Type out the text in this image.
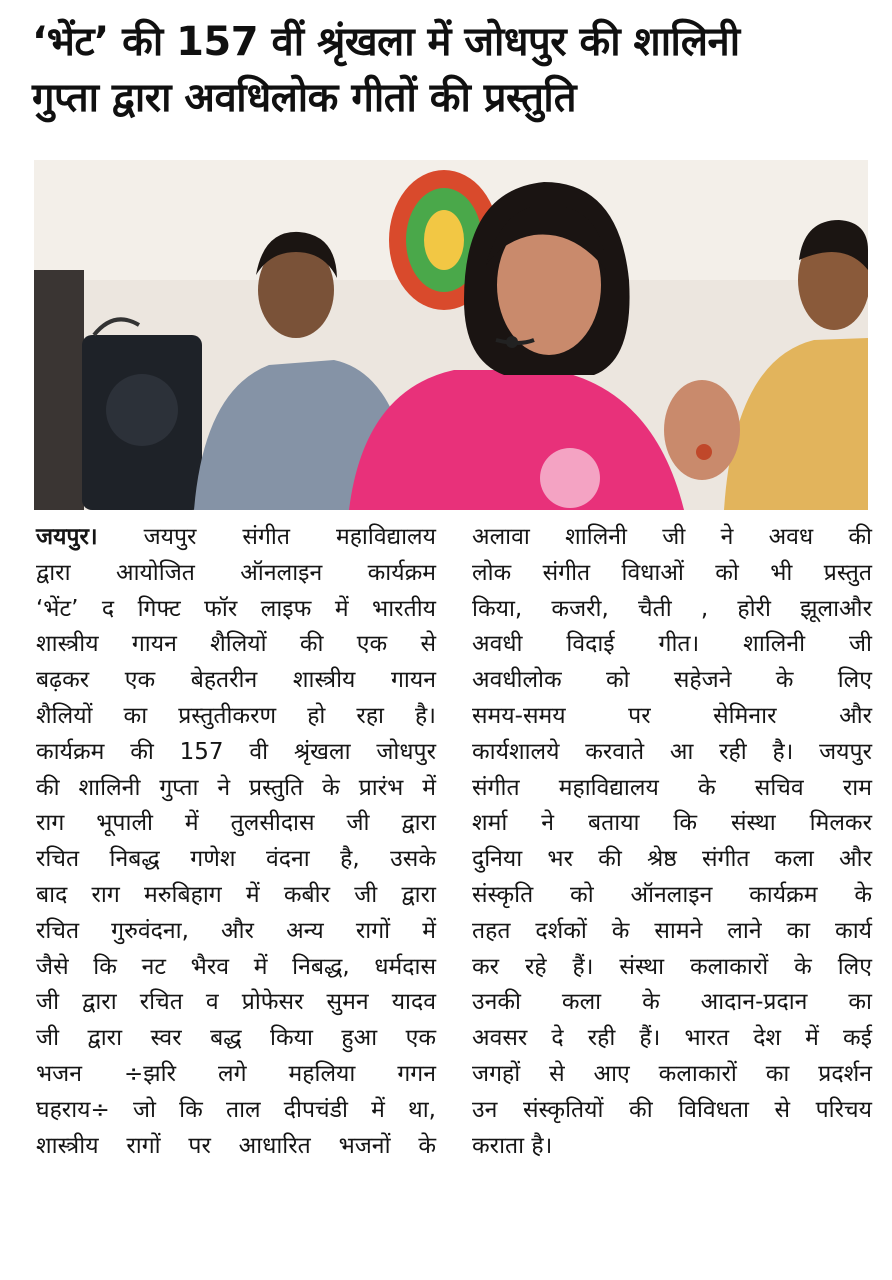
‘भेंट’ की 157 वीं श्रृंखला में जोधपुर की शालिनी
गुप्ता द्वारा अवधिलोक गीतों की प्रस्तुति
जयपुर। जयपुर संगीत महाविद्यालय
द्वारा आयोजित ऑनलाइन कार्यक्रम
‘भेंट’ द गिफ्ट फॉर लाइफ में भारतीय
शास्त्रीय गायन शैलियों की एक से
बढ़कर एक बेहतरीन शास्त्रीय गायन
शैलियों का प्रस्तुतीकरण हो रहा है।
कार्यक्रम की 157 वी श्रृंखला जोधपुर
की शालिनी गुप्ता ने प्रस्तुति के प्रारंभ में
राग भूपाली में तुलसीदास जी द्वारा
रचित निबद्ध गणेश वंदना है, उसके
बाद राग मरुबिहाग में कबीर जी द्वारा
रचित गुरुवंदना, और अन्य रागों में
जैसे कि नट भैरव में निबद्ध, धर्मदास
जी द्वारा रचित व प्रोफेसर सुमन यादव
जी द्वारा स्वर बद्ध किया हुआ एक
भजन ÷झरि लगे महलिया गगन
घहराय÷ जो कि ताल दीपचंडी में था,
शास्त्रीय रागों पर आधारित भजनों के
अलावा शालिनी जी ने अवध की
लोक संगीत विधाओं को भी प्रस्तुत
किया, कजरी, चैती , होरी झूलाऔर
अवधी विदाई गीत। शालिनी जी
अवधीलोक को सहेजने के लिए
समय-समय पर सेमिनार और
कार्यशालये करवाते आ रही है। जयपुर
संगीत महाविद्यालय के सचिव राम
शर्मा ने बताया कि संस्था मिलकर
दुनिया भर की श्रेष्ठ संगीत कला और
संस्कृति को ऑनलाइन कार्यक्रम के
तहत दर्शकों के सामने लाने का कार्य
कर रहे हैं। संस्था कलाकारों के लिए
उनकी कला के आदान-प्रदान का
अवसर दे रही हैं। भारत देश में कई
जगहों से आए कलाकारों का प्रदर्शन
उन संस्कृतियों की विविधता से परिचय
कराता है।
